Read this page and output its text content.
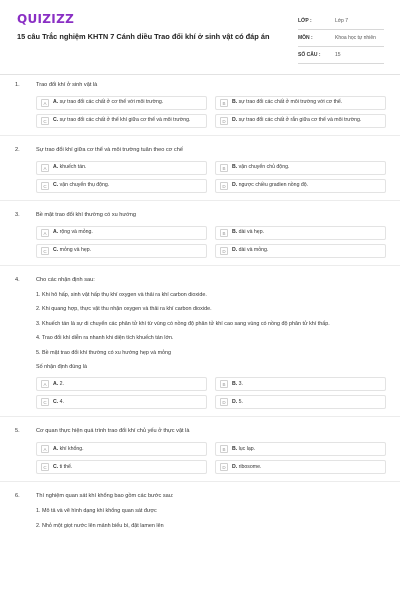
QUIZIZZ
15 câu Trắc nghiệm KHTN 7 Cánh diều Trao đổi khí ở sinh vật có đáp án
LỚP :	Lớp 7
MÔN :	Khoa học tự nhiên
SỐ CÂU :	15
1.	Trao đổi khí ở sinh vật là
A	A. sự trao đổi các chất ở cơ thể với môi trường.	B	B. sự trao đổi các chất ở môi trường với cơ thể.
C	C. sự trao đổi các chất ở thể khí giữa cơ thể và môi trường.	D	D. sự trao đổi các chất ở rắn giữa cơ thể và môi trường.
2.	Sự trao đổi khí giữa cơ thể và môi trường tuân theo cơ chế
A	A. khuếch tán.	B	B. vận chuyển chủ động.
C	C. vận chuyển thụ động.	D	D. ngược chiều gradien nồng độ.
3.	Bề mặt trao đổi khí thường có xu hướng
A	A. rộng và mỏng.	B	B. dài và hẹp.
C	C. mỏng và hẹp.	D	D. dài và mỏng.
4.	Cho các nhận định sau:
1. Khi hô hấp, sinh vật hấp thụ khí oxygen và thải ra khí carbon dioxide.
2. Khi quang hợp, thực vật thu nhận oxygen và thải ra khí carbon dioxide.
3. Khuếch tán là sự di chuyển các phân tử khí từ vùng có nồng độ phân tử khí cao sang vùng có nồng độ phân tử khí thấp.
4. Trao đổi khí diễn ra nhanh khi diện tích khuếch tán lớn.
5. Bề mặt trao đổi khí thường có xu hướng hẹp và mỏng
Số nhận định đúng là
A	A. 2.	B	B. 3.
C	C. 4.	D	D. 5.
5.	Cơ quan thực hiện quá trình trao đổi khí chủ yếu ở thực vật là
A	A. khí khổng.	B	B. lục lạp.
C	C. ti thể.	D	D. ribosome.
6.	Thí nghiệm quan sát khí khổng bao gồm các bước sau:
1. Mô tả và vẽ hình dạng khí khổng quan sát được
2. Nhỏ một giọt nước lên mảnh biểu bì, đặt lamen lên
